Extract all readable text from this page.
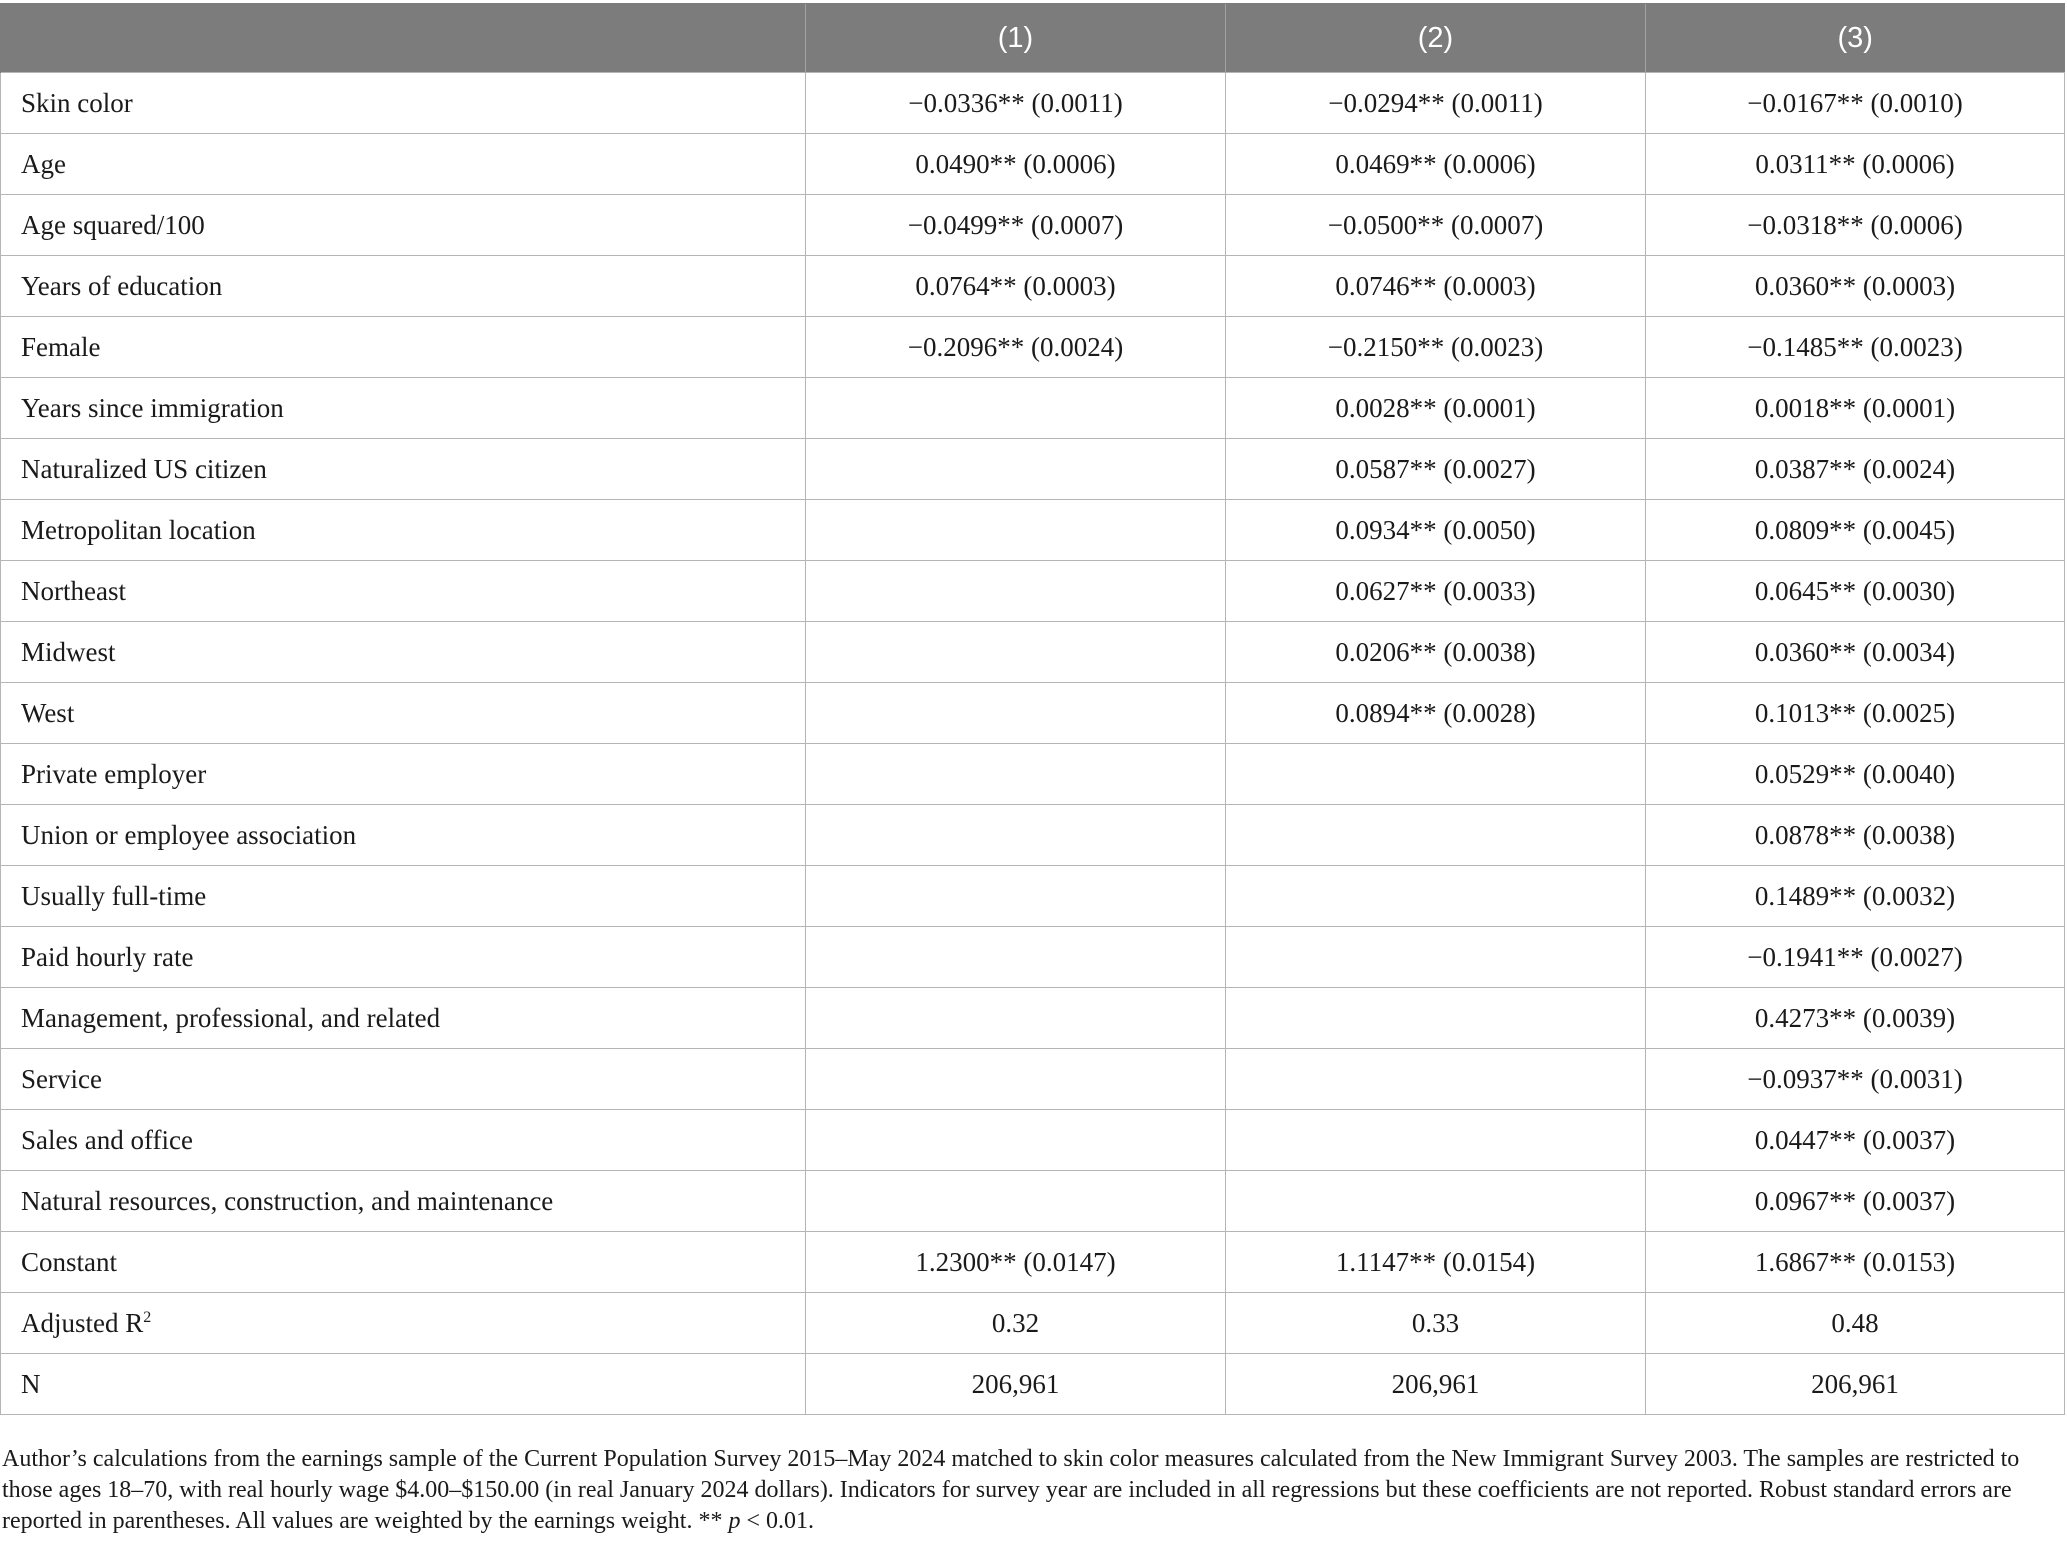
	(1)	(2)	(3)
Skin color	−0.0336** (0.0011)	−0.0294** (0.0011)	−0.0167** (0.0010)
Age	0.0490** (0.0006)	0.0469** (0.0006)	0.0311** (0.0006)
Age squared/100	−0.0499** (0.0007)	−0.0500** (0.0007)	−0.0318** (0.0006)
Years of education	0.0764** (0.0003)	0.0746** (0.0003)	0.0360** (0.0003)
Female	−0.2096** (0.0024)	−0.2150** (0.0023)	−0.1485** (0.0023)
Years since immigration		0.0028** (0.0001)	0.0018** (0.0001)
Naturalized US citizen		0.0587** (0.0027)	0.0387** (0.0024)
Metropolitan location		0.0934** (0.0050)	0.0809** (0.0045)
Northeast		0.0627** (0.0033)	0.0645** (0.0030)
Midwest		0.0206** (0.0038)	0.0360** (0.0034)
West		0.0894** (0.0028)	0.1013** (0.0025)
Private employer			0.0529** (0.0040)
Union or employee association			0.0878** (0.0038)
Usually full-time			0.1489** (0.0032)
Paid hourly rate			−0.1941** (0.0027)
Management, professional, and related			0.4273** (0.0039)
Service			−0.0937** (0.0031)
Sales and office			0.0447** (0.0037)
Natural resources, construction, and maintenance			0.0967** (0.0037)
Constant	1.2300** (0.0147)	1.1147** (0.0154)	1.6867** (0.0153)
Adjusted $R^2$	0.32	0.33	0.48
N	206,961	206,961	206,961

Author’s calculations from the earnings sample of the Current Population Survey 2015–May 2024 matched to skin color measures calculated from the New Immigrant Survey 2003. The samples are restricted to those ages 18–70, with real hourly wage $4.00–$150.00 (in real January 2024 dollars). Indicators for survey year are included in all regressions but these coefficients are not reported. Robust standard errors are reported in parentheses. All values are weighted by the earnings weight. ** p < 0.01.
